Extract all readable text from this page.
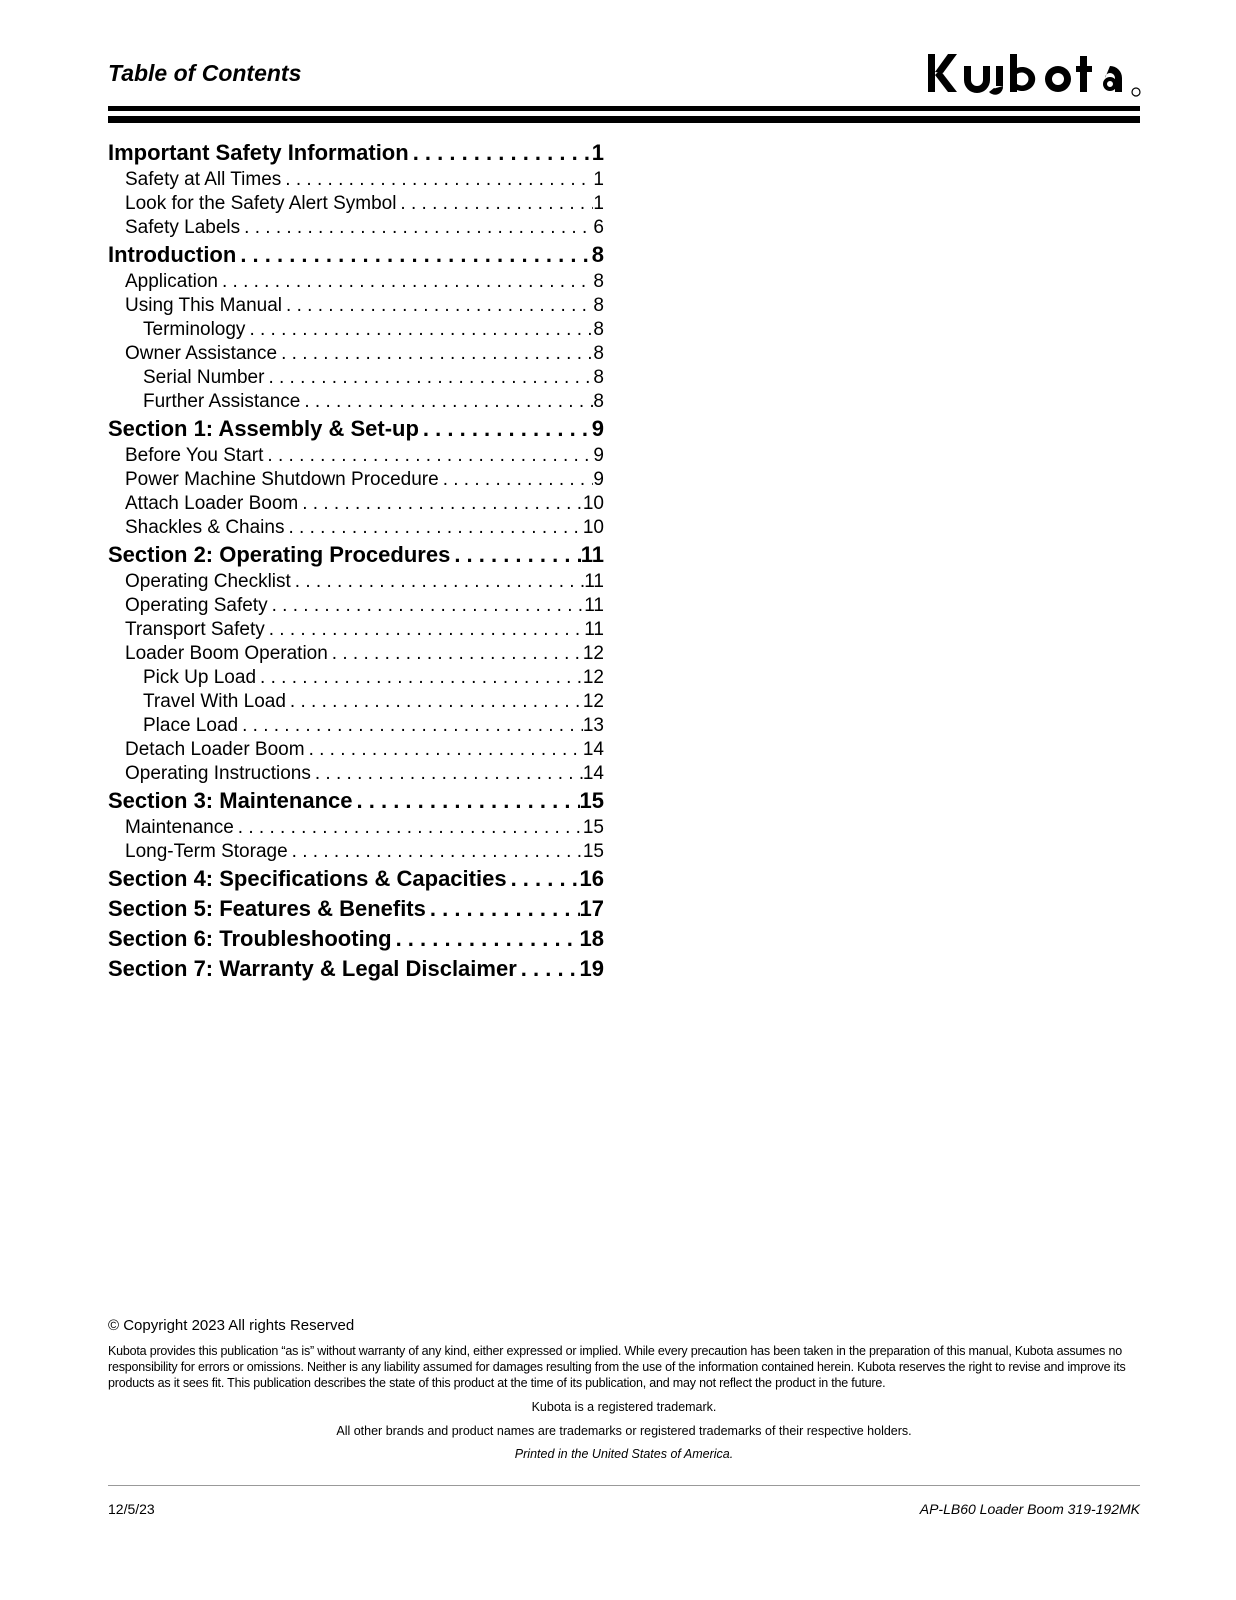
Table of Contents
Important Safety Information . . .	1
Safety at All Times . . .	1
Look for the Safety Alert Symbol . . .	1
Safety Labels . . .	6
Introduction . . .	8
Application . . .	8
Using This Manual . . .	8
Terminology . . .	8
Owner Assistance . . .	8
Serial Number . . .	8
Further Assistance . . .	8
Section 1: Assembly & Set-up . . .	9
Before You Start . . .	9
Power Machine Shutdown Procedure . . .	9
Attach Loader Boom . . .	10
Shackles & Chains . . .	10
Section 2: Operating Procedures . . .	11
Operating Checklist . . .	11
Operating Safety . . .	11
Transport Safety . . .	11
Loader Boom Operation . . .	12
Pick Up Load . . .	12
Travel With Load . . .	12
Place Load . . .	13
Detach Loader Boom . . .	14
Operating Instructions . . .	14
Section 3: Maintenance . . .	15
Maintenance . . .	15
Long-Term Storage . . .	15
Section 4: Specifications & Capacities . . .	16
Section 5: Features & Benefits . . .	17
Section 6: Troubleshooting . . .	18
Section 7: Warranty & Legal Disclaimer . . .	19
© Copyright 2023 All rights Reserved
Kubota provides this publication “as is” without warranty of any kind, either expressed or implied. While every precaution has been taken in the preparation of this manual, Kubota assumes no responsibility for errors or omissions. Neither is any liability assumed for damages resulting from the use of the information contained herein. Kubota reserves the right to revise and improve its products as it sees fit. This publication describes the state of this product at the time of its publication, and may not reflect the product in the future.
Kubota is a registered trademark.
All other brands and product names are trademarks or registered trademarks of their respective holders.
Printed in the United States of America.
12/5/23	AP-LB60 Loader Boom 319-192MK
